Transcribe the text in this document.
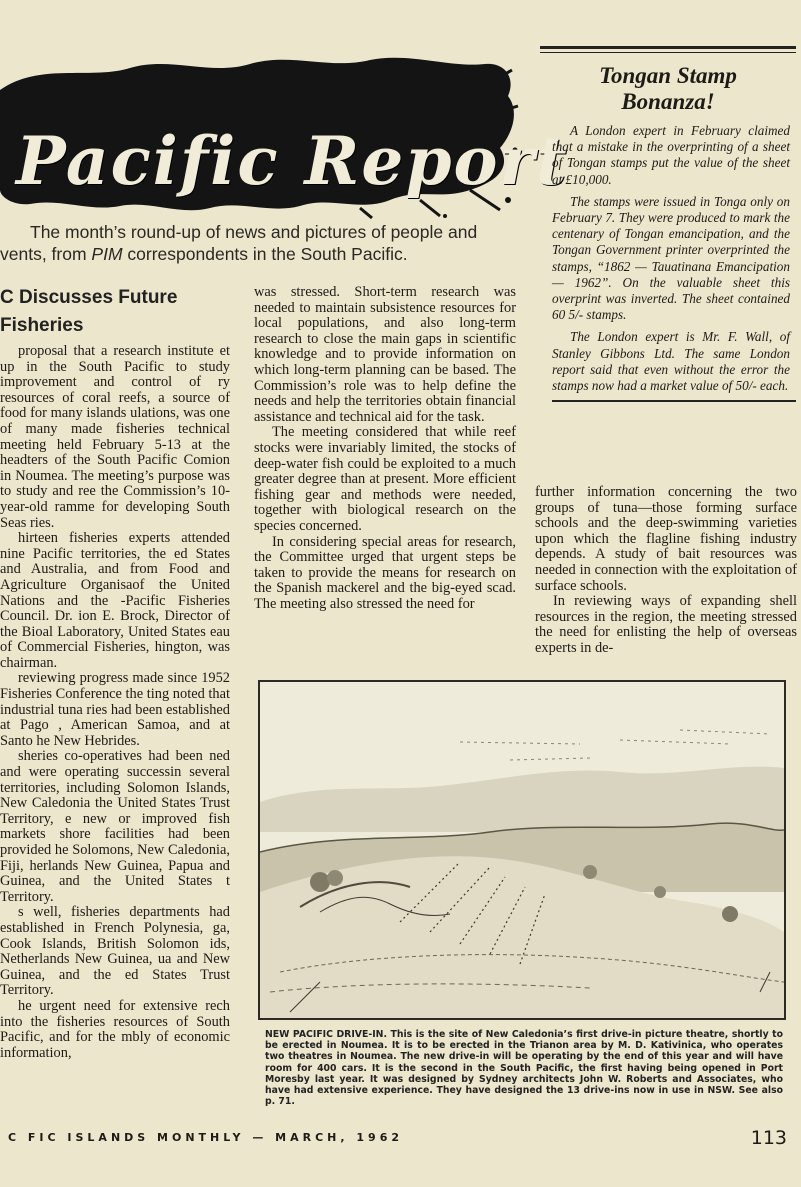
Pacific Report
The month’s round-up of news and pictures of people and
vents, from PIM correspondents in the South Pacific.
Tongan Stamp
Bonanza!

A London expert in February claimed that a mistake in the overprinting of a sheet of Tongan stamps put the value of the sheet at £10,000.

The stamps were issued in Tonga only on February 7. They were produced to mark the centenary of Tongan emancipation, and the Tongan Government printer overprinted the stamps, “1862 — Tauatinana Emancipation — 1962”. On the valuable sheet this overprint was inverted. The sheet contained 60 5/- stamps.

The London expert is Mr. F. Wall, of Stanley Gibbons Ltd. The same London report said that even without the error the stamps now had a market value of 50/- each.

C Discusses Future
Fisheries

proposal that a research institute et up in the South Pacific to study improvement and control of ry resources of coral reefs, a source of food for many islands ulations, was one of many made fisheries technical meeting held February 5-13 at the headters of the South Pacific Comion in Noumea. The meeting’s purpose was to study and ree the Commission’s 10-year-old ramme for developing South Seas ries.

hirteen fisheries experts attended nine Pacific territories, the ed States and Australia, and from Food and Agriculture Organisaof the United Nations and the -Pacific Fisheries Council. Dr. ion E. Brock, Director of the Bioal Laboratory, United States eau of Commercial Fisheries, hington, was chairman.

reviewing progress made since 1952 Fisheries Conference the ting noted that industrial tuna ries had been established at Pago , American Samoa, and at Santo he New Hebrides.

sheries co-operatives had been ned and were operating successin several territories, including Solomon Islands, New Caledonia the United States Trust Territory, e new or improved fish markets shore facilities had been provided he Solomons, New Caledonia, Fiji, herlands New Guinea, Papua and Guinea, and the United States t Territory.

s well, fisheries departments had established in French Polynesia, ga, Cook Islands, British Solomon ids, Netherlands New Guinea, ua and New Guinea, and the ed States Trust Territory.

he urgent need for extensive rech into the fisheries resources of South Pacific, and for the mbly of economic information,

was stressed. Short-term research was needed to maintain subsistence resources for local populations, and also long-term research to close the main gaps in scientific knowledge and to provide information on which long-term planning can be based. The Commission’s role was to help define the needs and help the territories obtain financial assistance and technical aid for the task.

The meeting considered that while reef stocks were invariably limited, the stocks of deep-water fish could be exploited to a much greater degree than at present. More efficient fishing gear and methods were needed, together with biological research on the species concerned.

In considering special areas for research, the Committee urged that urgent steps be taken to provide the means for research on the Spanish mackerel and the big-eyed scad. The meeting also stressed the need for

further information concerning the two groups of tuna—those forming surface schools and the deep-swimming varieties upon which the flagline fishing industry depends. A study of bait resources was needed in connection with the exploitation of surface schools.

In reviewing ways of expanding shell resources in the region, the meeting stressed the need for enlisting the help of overseas experts in de-

NEW PACIFIC DRIVE-IN. This is the site of New Caledonia’s first drive-in picture theatre, shortly to be erected in Noumea. It is to be erected in the Trianon area by M. D. Kativinica, who operates two theatres in Noumea. The new drive-in will be operating by the end of this year and will have room for 400 cars. It is the second in the South Pacific, the first having being opened in Port Moresby last year. It was designed by Sydney architects John W. Roberts and Associates, who have had extensive experience. They have designed the 13 drive-ins now in use in NSW. See also p. 71.
C FIC ISLANDS MONTHLY — MARCH, 1962	113
